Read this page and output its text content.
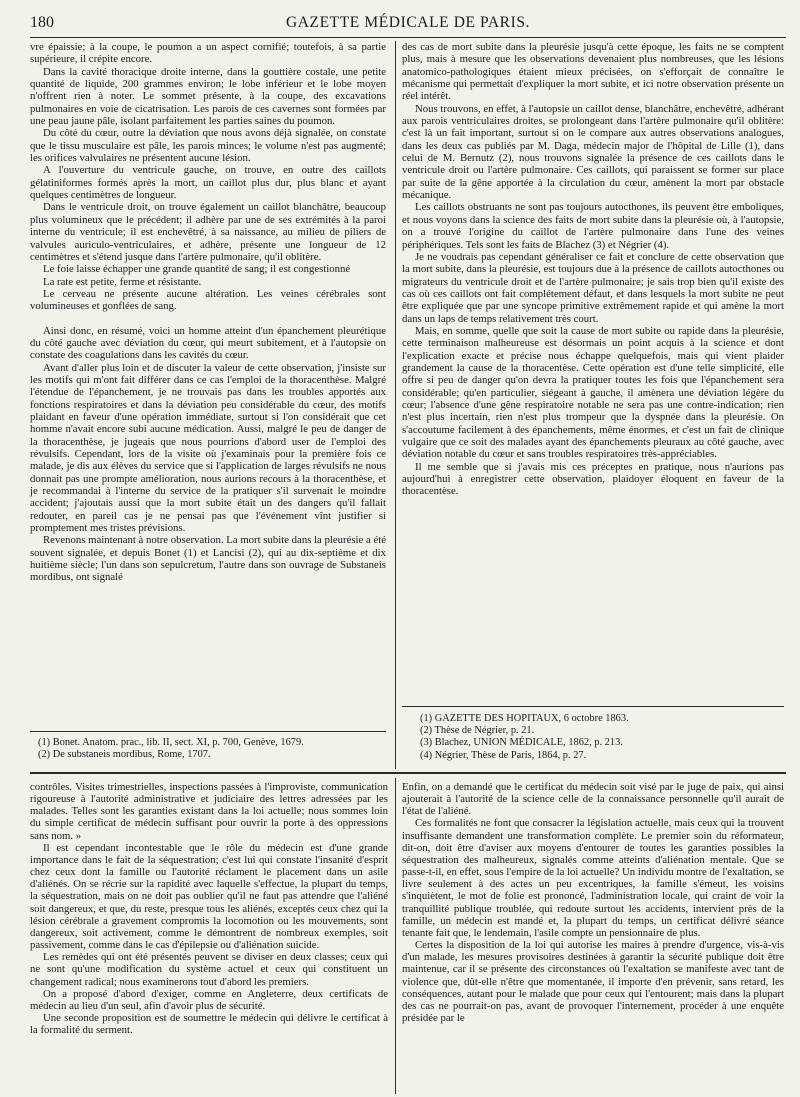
180	GAZETTE MÉDICALE DE PARIS.

vre épaissie; à la coupe, le poumon a un aspect cornifié; toutefois, à sa partie supérieure, il crépite encore.

Dans la cavité thoracique droite interne, dans la gouttière costale, une petite quantité de liquide, 200 grammes environ; le lobe inférieur et le lobe moyen n'offrent rien à noter. Le sommet présente, à la coupe, des excavations pulmonaires en voie de cicatrisation. Les parois de ces cavernes sont formées par une peau jaune pâle, isolant parfaitement les parties saines du poumon.

Du côté du cœur, outre la déviation que nous avons déjà signalée, on constate que le tissu musculaire est pâle, les parois minces; le volume n'est pas augmenté; les orifices valvulaires ne présentent aucune lésion.

A l'ouverture du ventricule gauche, on trouve, en outre des caillots gélatiniformes formés après la mort, un caillot plus dur, plus blanc et ayant quelques centimètres de longueur.

Dans le ventricule droit, on trouve également un caillot blanchâtre, beaucoup plus volumineux que le précédent; il adhère par une de ses extrémités à la paroi interne du ventricule; il est enchevêtré, à sa naissance, au milieu de piliers de valvules auriculo-ventriculaires, et adhère, présente une longueur de 12 centimètres et s'étend jusque dans l'artère pulmonaire, qu'il oblitère.

Le foie laisse échapper une grande quantité de sang; il est congestionné

La rate est petite, ferme et résistante.

Le cerveau ne présente aucune altération. Les veines cérébrales sont volumineuses et gonflées de sang.

Ainsi donc, en résumé, voici un homme atteint d'un épanchement pleurétique du côté gauche avec déviation du cœur, qui meurt subitement, et à l'autopsie on constate des coagulations dans les cavités du cœur.

Avant d'aller plus loin et de discuter la valeur de cette observation, j'insiste sur les motifs qui m'ont fait différer dans ce cas l'emploi de la thoracenthèse. Malgré l'étendue de l'épanchement, je ne trouvais pas dans les troubles apportés aux fonctions respiratoires et dans la déviation peu considérable du cœur, des motifs plaidant en faveur d'une opération immédiate, surtout si l'on considérait que cet homme n'avait encore subi aucune médication. Aussi, malgré le peu de danger de la thoracenthèse, je jugeais que nous pourrions d'abord user de l'emploi des révulsifs. Cependant, lors de la visite où j'examinais pour la première fois ce malade, je dis aux élèves du service que si l'application de larges révulsifs ne nous donnait pas une prompte amélioration, nous aurions recours à la thoracenthèse, et je recommandai à l'interne du service de la pratiquer s'il survenait le moindre accident; j'ajoutais aussi que la mort subite était un des dangers qu'il fallait redouter, en pareil cas je ne pensai pas que l'événement vînt justifier si promptement mes tristes prévisions.

Revenons maintenant à notre observation. La mort subite dans la pleurésie a été souvent signalée, et depuis Bonet (1) et Lancisi (2), qui au dix-septième et dix huitième siècle; l'un dans son sepulcretum, l'autre dans son ouvrage de Substaneis mordibus, ont signalé

(1) Bonet. Anatom. prac., lib. II, sect. XI, p. 700, Genève, 1679.
(2) De substaneis mordibus, Rome, 1707.

des cas de mort subite dans la pleurésie jusqu'à cette époque, les faits ne se comptent plus, mais à mesure que les observations devenaient plus nombreuses, que les lésions anatomico-pathologiques étaient mieux précisées, on s'efforçait de connaître le mécanisme qui permettait d'expliquer la mort subite, et ici notre observation présente un réel intérêt.

Nous trouvons, en effet, à l'autopsie un caillot dense, blanchâtre, enchevêtré, adhérant aux parois ventriculaires droites, se prolongeant dans l'artère pulmonaire qu'il oblitère: c'est là un fait important, surtout si on le compare aux autres observations analogues, dans les deux cas publiés par M. Daga, médecin major de l'hôpital de Lille (1), dans celui de M. Bernutz (2), nous trouvons signalée la présence de ces caillots dans le ventricule droit ou l'artère pulmonaire. Ces caillots, qui paraissent se former sur place par suite de la gêne apportée à la circulation du cœur, amènent la mort par obstacle mécanique.

Les caillots obstruants ne sont pas toujours autocthones, ils peuvent être emboliques, et nous voyons dans la science des faits de mort subite dans la pleurésie où, à l'autopsie, on a trouvé l'origine du caillot de l'artère pulmonaire dans l'une des veines périphériques. Tels sont les faits de Blachez (3) et Négrier (4).

Je ne voudrais pas cependant généraliser ce fait et conclure de cette observation que la mort subite, dans la pleurésie, est toujours due à la présence de caillots autocthones ou migrateurs du ventricule droit et de l'artère pulmonaire; je sais trop bien qu'il existe des cas où ces caillots ont fait complétement défaut, et dans lesquels la mort subite ne peut être expliquée que par une syncope primitive extrêmement rapide et qui amène la mort dans un laps de temps relativement très court.

Mais, en somme, quelle que soit la cause de mort subite ou rapide dans la pleurésie, cette terminaison malheureuse est désormais un point acquis à la science et dont l'explication exacte et précise nous échappe quelquefois, mais qui vient plaider grandement la cause de la thoracentèse. Cette opération est d'une telle simplicité, elle offre si peu de danger qu'on devra la pratiquer toutes les fois que l'épanchement sera considérable; qu'en particulier, siégeant à gauche, il amènera une déviation légère du cœur; l'absence d'une gêne respiratoire notable ne sera pas une contre-indication; rien n'est plus incertain, rien n'est plus trompeur que la dyspnée dans la pleurésie. On s'accoutume facilement à des épanchements, même énormes, et c'est un fait de clinique vulgaire que ce soit des malades ayant des épanchements pleuraux au côté gauche, avec déviation notable du cœur et sans troubles respiratoires très-appréciables.

Il me semble que si j'avais mis ces préceptes en pratique, nous n'aurions pas aujourd'hui à enregistrer cette observation, plaidoyer éloquent en faveur de la thoracentèse.

(1) GAZETTE DES HOPITAUX, 6 octobre 1863.
(2) Thèse de Négrier, p. 21.
(3) Blachez, UNION MÉDICALE, 1862, p. 213.
(4) Négrier, Thèse de Paris, 1864, p. 27.

contrôles. Visites trimestrielles, inspections passées à l'improviste, communication rigoureuse à l'autorité administrative et judiciaire des lettres adressées par les malades. Telles sont les garanties existant dans la loi actuelle; nous sommes loin du simple certificat de médecin suffisant pour ouvrir la porte à des oppressions sans nom. »

Il est cependant incontestable que le rôle du médecin est d'une grande importance dans le fait de la séquestration; c'est lui qui constate l'insanité d'esprit chez ceux dont la famille ou l'autorité réclament le placement dans un asile d'aliénés. On se récrie sur la rapidité avec laquelle s'effectue, la plupart du temps, la séquestration, mais on ne doit pas oublier qu'il ne faut pas attendre que l'aliéné soit dangereux, et que, du reste, presque tous les aliénés, exceptés ceux chez qui la lésion cérébrale a gravement compromis la locomotion ou les mouvements, sont dangereux, soit activement, comme le démontrent de nombreux exemples, soit passivement, comme dans le cas d'épilepsie ou d'aliénation suicide.

Les remèdes qui ont été présentés peuvent se diviser en deux classes; ceux qui ne sont qu'une modification du système actuel et ceux qui constituent un changement radical; nous examinerons tout d'abord les premiers.

On a proposé d'abord d'exiger, comme en Angleterre, deux certificats de médecin au lieu d'un seul, afin d'avoir plus de sécurité.

Une seconde proposition est de soumettre le médecin qui délivre le certificat à la formalité du serment.

Enfin, on a demandé que le certificat du médecin soit visé par le juge de paix, qui ainsi ajouterait à l'autorité de la science celle de la connaissance personnelle qu'il aurait de l'état de l'aliéné.

Ces formalités ne font que consacrer la législation actuelle, mais ceux qui la trouvent insuffisante demandent une transformation complète. Le premier soin du réformateur, dit-on, doit être d'aviser aux moyens d'entourer de toutes les garanties possibles la séquestration des malheureux, signalés comme atteints d'aliénation mentale. Que se passe-t-il, en effet, sous l'empire de la loi actuelle? Un individu montre de l'exaltation, se livre seulement à des actes un peu excentriques, la famille s'émeut, les voisins s'inquiètent, le mot de folie est prononcé, l'administration locale, qui craint de voir la tranquillité publique troublée, qui redoute surtout les accidents, intervient près de la famille, un médecin est mandé et, la plupart du temps, un certificat délivré séance tenante fait que, le lendemain, l'asile compte un pensionnaire de plus.

Certes la disposition de la loi qui autorise les maires à prendre d'urgence, vis-à-vis d'un malade, les mesures provisoires destinées à garantir la sécurité publique doit être maintenue, car il se présente des circonstances où l'exaltation se manifeste avec tant de violence que, dût-elle n'être que momentanée, il importe d'en prévenir, sans retard, les conséquences, autant pour le malade que pour ceux qui l'entourent; mais dans la plupart des cas ne pourrait-on pas, avant de provoquer l'internement, procéder à une enquête présidée par le
